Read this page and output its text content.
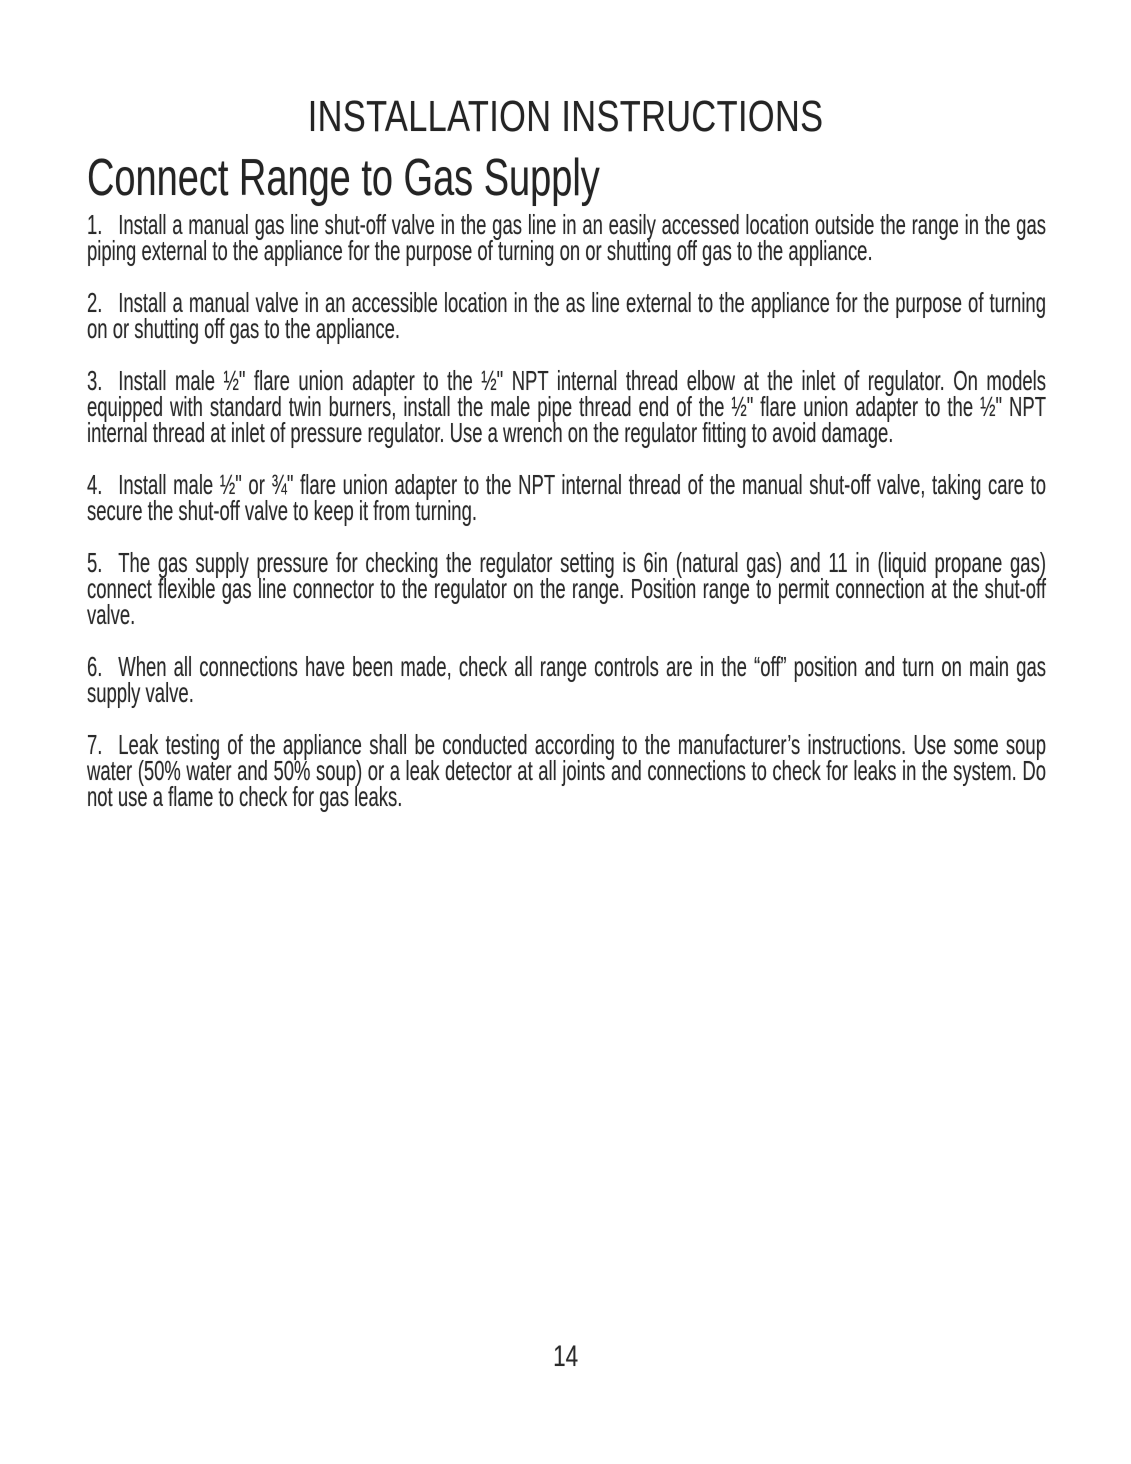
INSTALLATION INSTRUCTIONS
Connect Range to Gas Supply

1. Install a manual gas line shut-off valve in the gas line in an easily accessed location outside the range in the gas piping external to the appliance for the purpose of turning on or shutting off gas to the appliance.

2. Install a manual valve in an accessible location in the as line external to the appliance for the purpose of turning on or shutting off gas to the appliance.

3. Install male ½" flare union adapter to the ½" NPT internal thread elbow at the inlet of regulator. On models equipped with standard twin burners, install the male pipe thread end of the ½" flare union adapter to the ½" NPT internal thread at inlet of pressure regulator. Use a wrench on the regulator fitting to avoid damage.

4. Install male ½" or ¾" flare union adapter to the NPT internal thread of the manual shut-off valve, taking care to secure the shut-off valve to keep it from turning.

5. The gas supply pressure for checking the regulator setting is 6in (natural gas) and 11 in (liquid propane gas) connect flexible gas line connector to the regulator on the range. Position range to permit connection at the shut-off valve.

6. When all connections have been made, check all range controls are in the “off” position and turn on main gas supply valve.

7. Leak testing of the appliance shall be conducted according to the manufacturer’s instructions. Use some soup water (50% water and 50% soup) or a leak detector at all joints and connections to check for leaks in the system. Do not use a flame to check for gas leaks.

14
